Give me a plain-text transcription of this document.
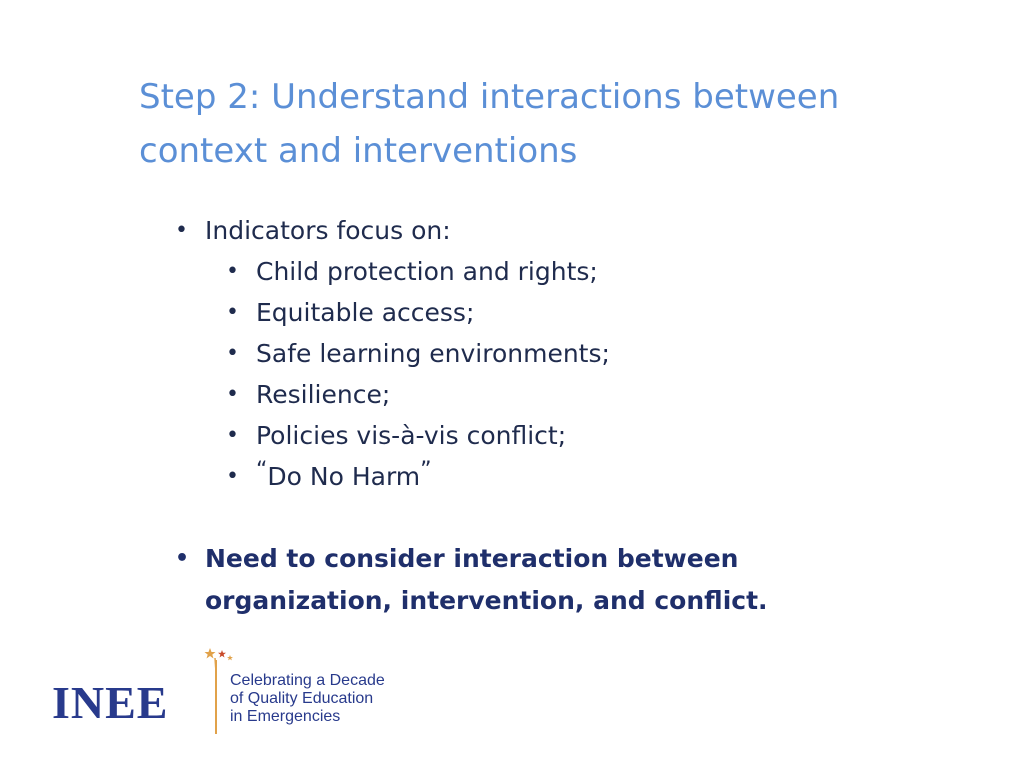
Step 2: Understand interactions between
context and interventions
• Indicators focus on:
• Child protection and rights;
• Equitable access;
• Safe learning environments;
• Resilience;
• Policies vis-à-vis conflict;
• “Do No Harm”
• Need to consider interaction between
organization, intervention, and conflict.
INEE	Celebrating a Decade
of Quality Education
in Emergencies
